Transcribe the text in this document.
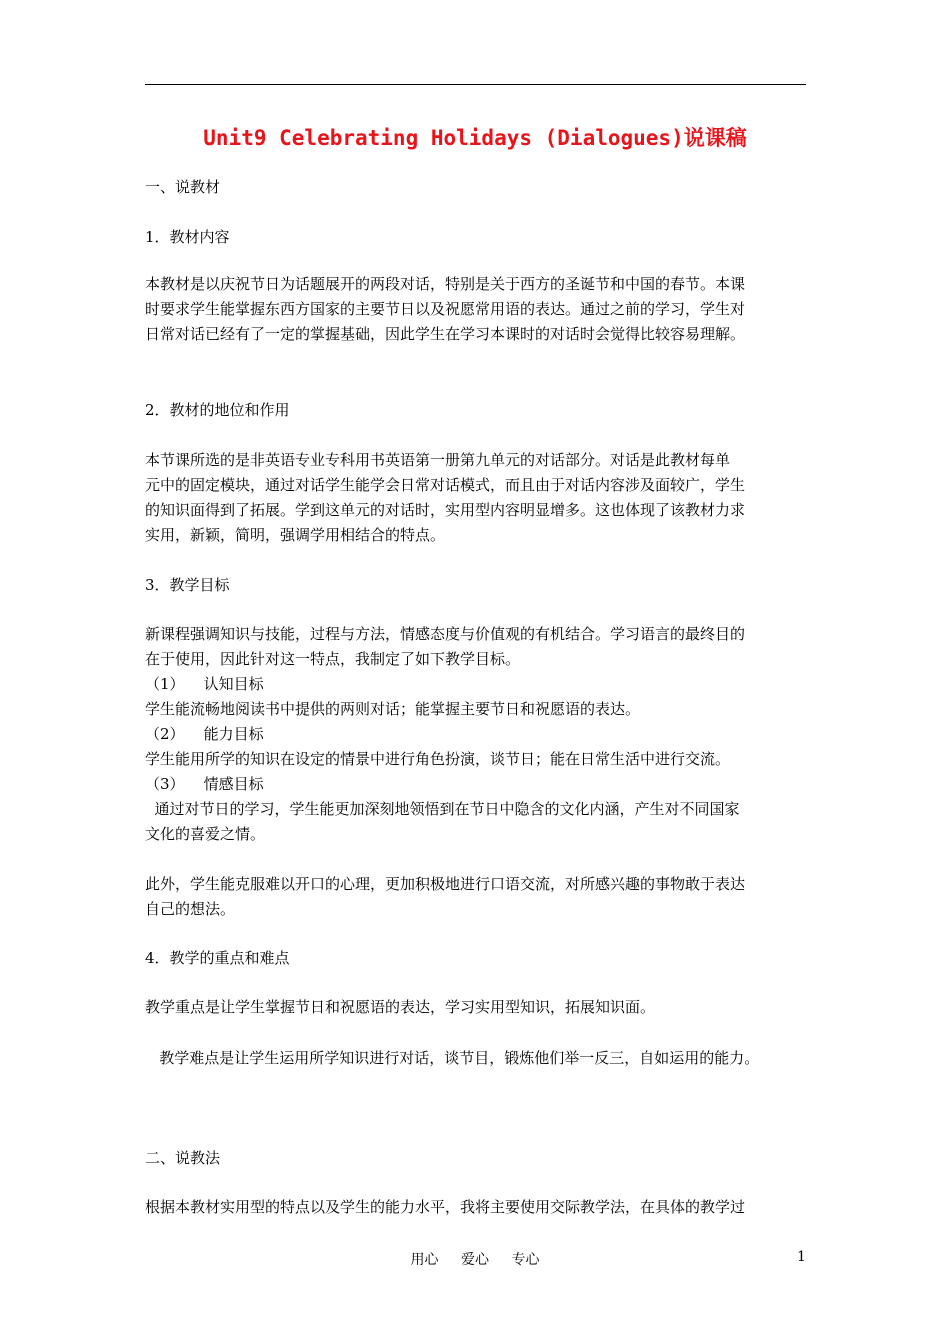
Unit9 Celebrating Holidays (Dialogues)说课稿
一、说教材
1．教材内容
本教材是以庆祝节日为话题展开的两段对话，特别是关于西方的圣诞节和中国的春节。本课
时要求学生能掌握东西方国家的主要节日以及祝愿常用语的表达。通过之前的学习，学生对
日常对话已经有了一定的掌握基础，因此学生在学习本课时的对话时会觉得比较容易理解。
2．教材的地位和作用
本节课所选的是非英语专业专科用书英语第一册第九单元的对话部分。对话是此教材每单
元中的固定模块，通过对话学生能学会日常对话模式，而且由于对话内容涉及面较广，学生
的知识面得到了拓展。学到这单元的对话时，实用型内容明显增多。这也体现了该教材力求
实用，新颖，简明，强调学用相结合的特点。
3．教学目标
新课程强调知识与技能，过程与方法，情感态度与价值观的有机结合。学习语言的最终目的
在于使用，因此针对这一特点，我制定了如下教学目标。
（1）    认知目标
学生能流畅地阅读书中提供的两则对话；能掌握主要节日和祝愿语的表达。
（2）    能力目标
学生能用所学的知识在设定的情景中进行角色扮演，谈节日；能在日常生活中进行交流。
（3）    情感目标
通过对节日的学习，学生能更加深刻地领悟到在节日中隐含的文化内涵，产生对不同国家
文化的喜爱之情。
此外，学生能克服难以开口的心理，更加积极地进行口语交流，对所感兴趣的事物敢于表达
自己的想法。
4．教学的重点和难点
教学重点是让学生掌握节日和祝愿语的表达，学习实用型知识，拓展知识面。
教学难点是让学生运用所学知识进行对话，谈节目，锻炼他们举一反三，自如运用的能力。
二、说教法
根据本教材实用型的特点以及学生的能力水平，我将主要使用交际教学法，在具体的教学过
用心 爱心 专心	1
